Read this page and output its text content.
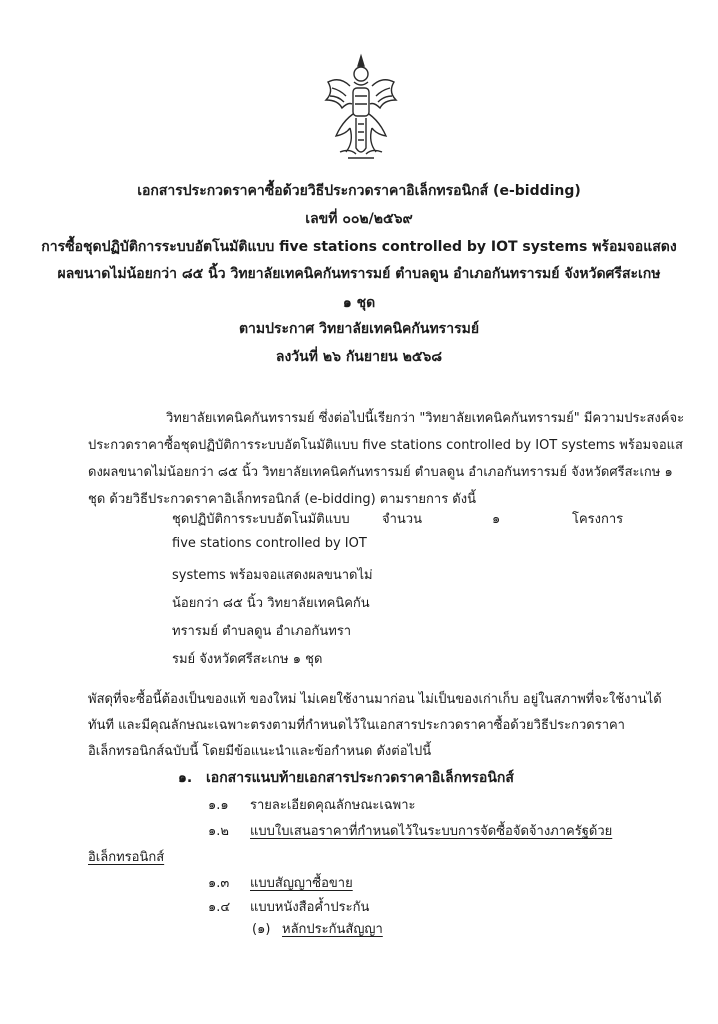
เอกสารประกวดราคาซื้อด้วยวิธีประกวดราคาอิเล็กทรอนิกส์ (e-bidding)
เลขที่ ๐๐๒/๒๕๖๙
การซื้อชุดปฏิบัติการระบบอัตโนมัติแบบ five stations controlled by IOT systems พร้อมจอแสดง
ผลขนาดไม่น้อยกว่า ๘๕ นิ้ว วิทยาลัยเทคนิคกันทรารมย์ ตำบลดูน อำเภอกันทรารมย์ จังหวัดศรีสะเกษ
๑ ชุด
ตามประกาศ วิทยาลัยเทคนิคกันทรารมย์
ลงวันที่ ๒๖ กันยายน ๒๕๖๘
วิทยาลัยเทคนิคกันทรารมย์ ซึ่งต่อไปนี้เรียกว่า "วิทยาลัยเทคนิคกันทรารมย์" มีความประสงค์จะ
ประกวดราคาซื้อชุดปฏิบัติการระบบอัตโนมัติแบบ five stations controlled by IOT systems พร้อมจอแส
ดงผลขนาดไม่น้อยกว่า ๘๕ นิ้ว วิทยาลัยเทคนิคกันทรารมย์ ตำบลดูน อำเภอกันทรารมย์ จังหวัดศรีสะเกษ ๑
ชุด ด้วยวิธีประกวดราคาอิเล็กทรอนิกส์ (e-bidding) ตามรายการ ดังนี้
ชุดปฏิบัติการระบบอัตโนมัติแบบ
five stations controlled by IOT
systems พร้อมจอแสดงผลขนาดไม่
น้อยกว่า ๘๕ นิ้ว วิทยาลัยเทคนิคกัน
ทรารมย์ ตำบลดูน อำเภอกันทรา
รมย์ จังหวัดศรีสะเกษ ๑ ชุด
จำนวน	๑	โครงการ
พัสดุที่จะซื้อนี้ต้องเป็นของแท้ ของใหม่ ไม่เคยใช้งานมาก่อน ไม่เป็นของเก่าเก็บ อยู่ในสภาพที่จะใช้งานได้
ทันที และมีคุณลักษณะเฉพาะตรงตามที่กำหนดไว้ในเอกสารประกวดราคาซื้อด้วยวิธีประกวดราคา
อิเล็กทรอนิกส์ฉบับนี้ โดยมีข้อแนะนำและข้อกำหนด ดังต่อไปนี้
๑. เอกสารแนบท้ายเอกสารประกวดราคาอิเล็กทรอนิกส์
๑.๑ รายละเอียดคุณลักษณะเฉพาะ
๑.๒ แบบใบเสนอราคาที่กำหนดไว้ในระบบการจัดซื้อจัดจ้างภาครัฐด้วย
อิเล็กทรอนิกส์
๑.๓ แบบสัญญาซื้อขาย
๑.๔ แบบหนังสือค้ำประกัน
(๑) หลักประกันสัญญา
